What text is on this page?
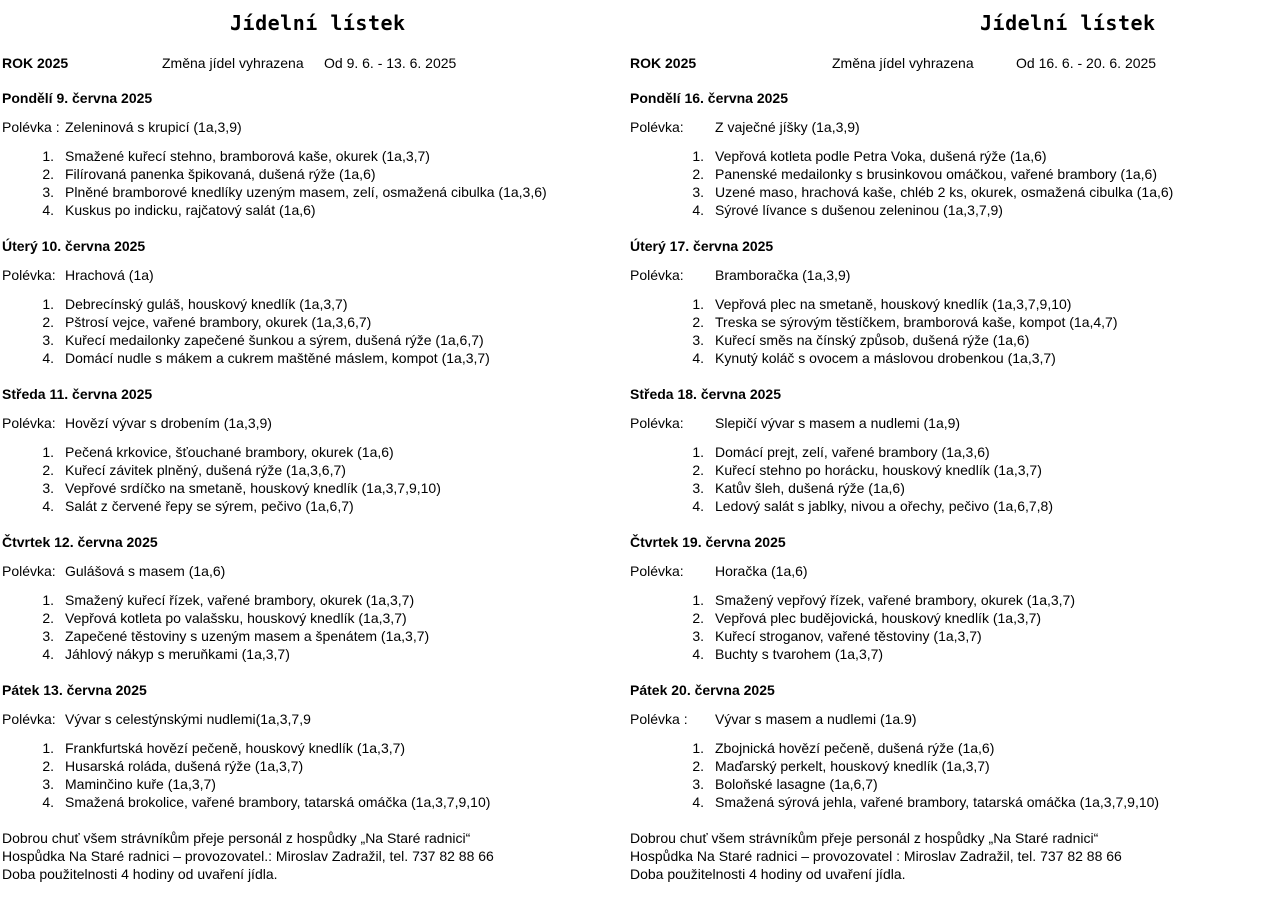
Jídelní lístek
ROK 2025	Změna jídel vyhrazena Od 9. 6. - 13. 6. 2025
Pondělí 9. června 2025
Polévka : Zeleninová s krupicí (1a,3,9)
1. Smažené kuřecí stehno, bramborová kaše, okurek (1a,3,7)
2. Filírovaná panenka špikovaná, dušená rýže (1a,6)
3. Plněné bramborové knedlíky uzeným masem, zelí, osmažená cibulka (1a,3,6)
4. Kuskus po indicku, rajčatový salát (1a,6)
Úterý 10. června 2025
Polévka: Hrachová (1a)
1. Debrecínský guláš, houskový knedlík (1a,3,7)
2. Pštrosí vejce, vařené brambory, okurek (1a,3,6,7)
3. Kuřecí medailonky zapečené šunkou a sýrem, dušená rýže (1a,6,7)
4. Domácí nudle s mákem a cukrem maštěné máslem, kompot (1a,3,7)
Středa 11. června 2025
Polévka: Hovězí vývar s drobením (1a,3,9)
1. Pečená krkovice, šťouchané brambory, okurek (1a,6)
2. Kuřecí závitek plněný, dušená rýže (1a,3,6,7)
3. Vepřové srdíčko na smetaně, houskový knedlík (1a,3,7,9,10)
4. Salát z červené řepy se sýrem, pečivo (1a,6,7)
Čtvrtek 12. června 2025
Polévka: Gulášová s masem (1a,6)
1. Smažený kuřecí řízek, vařené brambory, okurek (1a,3,7)
2. Vepřová kotleta po valašsku, houskový knedlík (1a,3,7)
3. Zapečené těstoviny s uzeným masem a špenátem (1a,3,7)
4. Jáhlový nákyp s meruňkami (1a,3,7)
Pátek 13. června 2025
Polévka: Vývar s celestýnskými nudlemi(1a,3,7,9
1. Frankfurtská hovězí pečeně, houskový knedlík (1a,3,7)
2. Husarská roláda, dušená rýže (1a,3,7)
3. Maminčino kuře (1a,3,7)
4. Smažená brokolice, vařené brambory, tatarská omáčka (1a,3,7,9,10)
Dobrou chuť všem strávníkům přeje personál z hospůdky „Na Staré radnici“
Hospůdka Na Staré radnici – provozovatel.: Miroslav Zadražil, tel. 737 82 88 66
Doba použitelnosti 4 hodiny od uvaření jídla.
Jídelní lístek
ROK 2025	Změna jídel vyhrazena	Od 16. 6. - 20. 6. 2025
Pondělí 16. června 2025
Polévka: Z vaječné jíšky (1a,3,9)
1. Vepřová kotleta podle Petra Voka, dušená rýže (1a,6)
2. Panenské medailonky s brusinkovou omáčkou, vařené brambory (1a,6)
3. Uzené maso, hrachová kaše, chléb 2 ks, okurek, osmažená cibulka (1a,6)
4. Sýrové lívance s dušenou zeleninou (1a,3,7,9)
Úterý 17. června 2025
Polévka: Bramboračka (1a,3,9)
1. Vepřová plec na smetaně, houskový knedlík (1a,3,7,9,10)
2. Treska se sýrovým těstíčkem, bramborová kaše, kompot (1a,4,7)
3. Kuřecí směs na čínský způsob, dušená rýže (1a,6)
4. Kynutý koláč s ovocem a máslovou drobenkou (1a,3,7)
Středa 18. června 2025
Polévka: Slepičí vývar s masem a nudlemi (1a,9)
1. Domácí prejt, zelí, vařené brambory (1a,3,6)
2. Kuřecí stehno po horácku, houskový knedlík (1a,3,7)
3. Katův šleh, dušená rýže (1a,6)
4. Ledový salát s jablky, nivou a ořechy, pečivo (1a,6,7,8)
Čtvrtek 19. června 2025
Polévka: Horačka (1a,6)
1. Smažený vepřový řízek, vařené brambory, okurek (1a,3,7)
2. Vepřová plec budějovická, houskový knedlík (1a,3,7)
3. Kuřecí stroganov, vařené těstoviny (1a,3,7)
4. Buchty s tvarohem (1a,3,7)
Pátek 20. června 2025
Polévka : Vývar s masem a nudlemi (1a.9)
1. Zbojnická hovězí pečeně, dušená rýže (1a,6)
2. Maďarský perkelt, houskový knedlík (1a,3,7)
3. Boloňské lasagne (1a,6,7)
4. Smažená sýrová jehla, vařené brambory, tatarská omáčka (1a,3,7,9,10)
Dobrou chuť všem strávníkům přeje personál z hospůdky „Na Staré radnici“
Hospůdka Na Staré radnici – provozovatel : Miroslav Zadražil, tel. 737 82 88 66
Doba použitelnosti 4 hodiny od uvaření jídla.
